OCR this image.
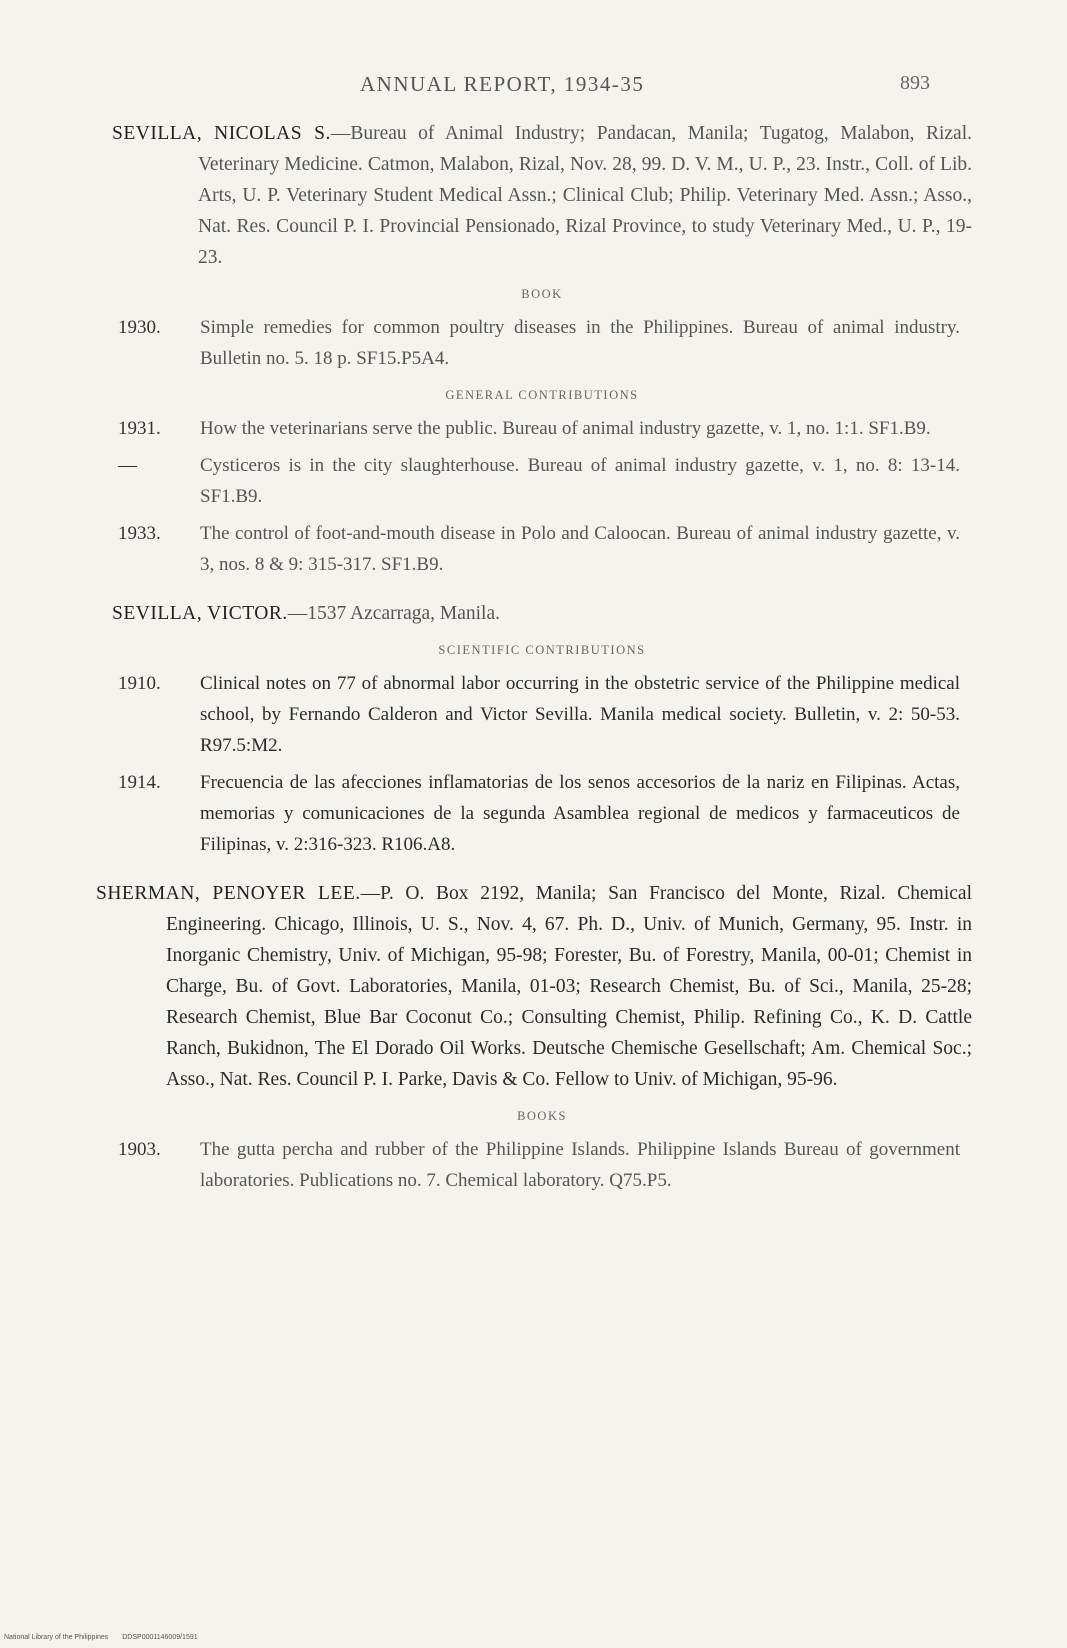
ANNUAL REPORT, 1934-35	893

SEVILLA, NICOLAS S.—Bureau of Animal Industry; Pandacan, Manila; Tugatog, Malabon, Rizal. Veterinary Medicine. Catmon, Malabon, Rizal, Nov. 28, 99. D. V. M., U. P., 23. Instr., Coll. of Lib. Arts, U. P. Veterinary Student Medical Assn.; Clinical Club; Philip. Veterinary Med. Assn.; Asso., Nat. Res. Council P. I. Provincial Pensionado, Rizal Province, to study Veterinary Med., U. P., 19-23.

BOOK
1930.	Simple remedies for common poultry diseases in the Philippines. Bureau of animal industry. Bulletin no. 5. 18 p. SF15.P5A4.
GENERAL CONTRIBUTIONS
1931.	How the veterinarians serve the public. Bureau of animal industry gazette, v. 1, no. 1:1. SF1.B9.
—	Cysticeros is in the city slaughterhouse. Bureau of animal industry gazette, v. 1, no. 8: 13-14. SF1.B9.
1933.	The control of foot-and-mouth disease in Polo and Caloocan. Bureau of animal industry gazette, v. 3, nos. 8 & 9: 315-317. SF1.B9.

SEVILLA, VICTOR.—1537 Azcarraga, Manila.

SCIENTIFIC CONTRIBUTIONS
1910.	Clinical notes on 77 of abnormal labor occurring in the obstetric service of the Philippine medical school, by Fernando Calderon and Victor Sevilla. Manila medical society. Bulletin, v. 2: 50-53. R97.5:M2.
1914.	Frecuencia de las afecciones inflamatorias de los senos accesorios de la nariz en Filipinas. Actas, memorias y comunicaciones de la segunda Asamblea regional de medicos y farmaceuticos de Filipinas, v. 2:316-323. R106.A8.

SHERMAN, PENOYER LEE.—P. O. Box 2192, Manila; San Francisco del Monte, Rizal. Chemical Engineering. Chicago, Illinois, U. S., Nov. 4, 67. Ph. D., Univ. of Munich, Germany, 95. Instr. in Inorganic Chemistry, Univ. of Michigan, 95-98; Forester, Bu. of Forestry, Manila, 00-01; Chemist in Charge, Bu. of Govt. Laboratories, Manila, 01-03; Research Chemist, Bu. of Sci., Manila, 25-28; Research Chemist, Blue Bar Coconut Co.; Consulting Chemist, Philip. Refining Co., K. D. Cattle Ranch, Bukidnon, The El Dorado Oil Works. Deutsche Chemische Gesellschaft; Am. Chemical Soc.; Asso., Nat. Res. Council P. I. Parke, Davis & Co. Fellow to Univ. of Michigan, 95-96.

BOOKS
1903.	The gutta percha and rubber of the Philippine Islands. Philippine Islands Bureau of government laboratories. Publications no. 7. Chemical laboratory. Q75.P5.
National Library of the Philippines DDSP0001146009/1591
